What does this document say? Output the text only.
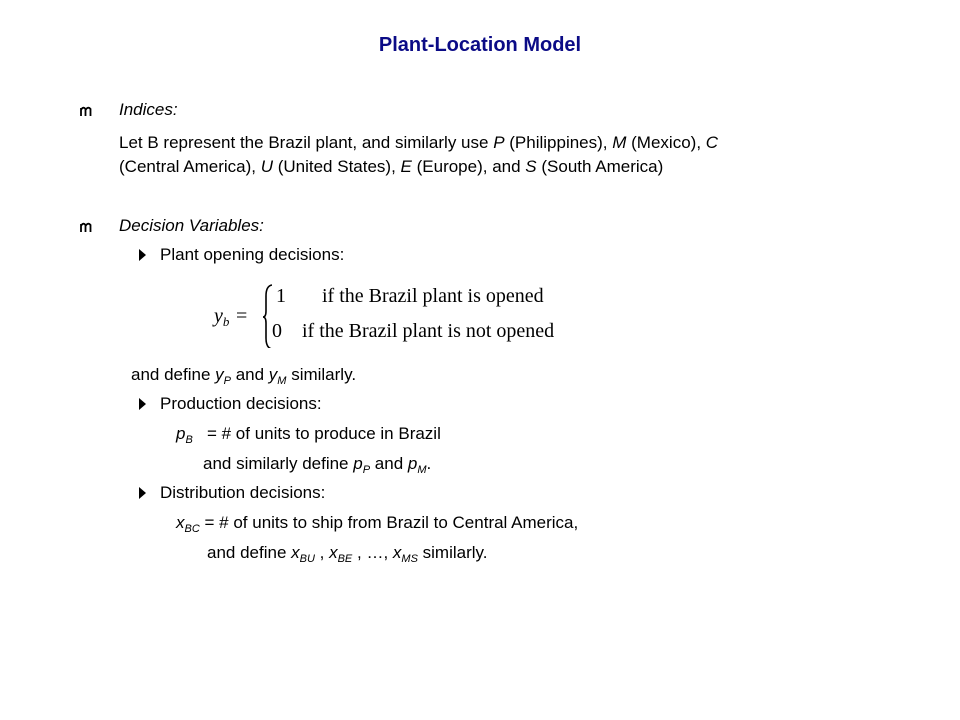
Plant-Location Model
Indices:
Let B represent the Brazil plant, and similarly use P (Philippines), M (Mexico), C
(Central America), U (United States), E (Europe), and S (South America)
Decision Variables:
Plant opening decisions:
$y_b$ =
1 if the Brazil plant is opened
0 if the Brazil plant is not opened
and define $y_P$ and $y_M$ similarly.
Production decisions:
$p_B$   = # of units to produce in Brazil
and similarly define $p_P$ and $p_M$.
Distribution decisions:
$x_{BC}$ = # of units to ship from Brazil to Central America,
and define $x_{BU}$ , $x_{BE}$ , …, $x_{MS}$ similarly.
